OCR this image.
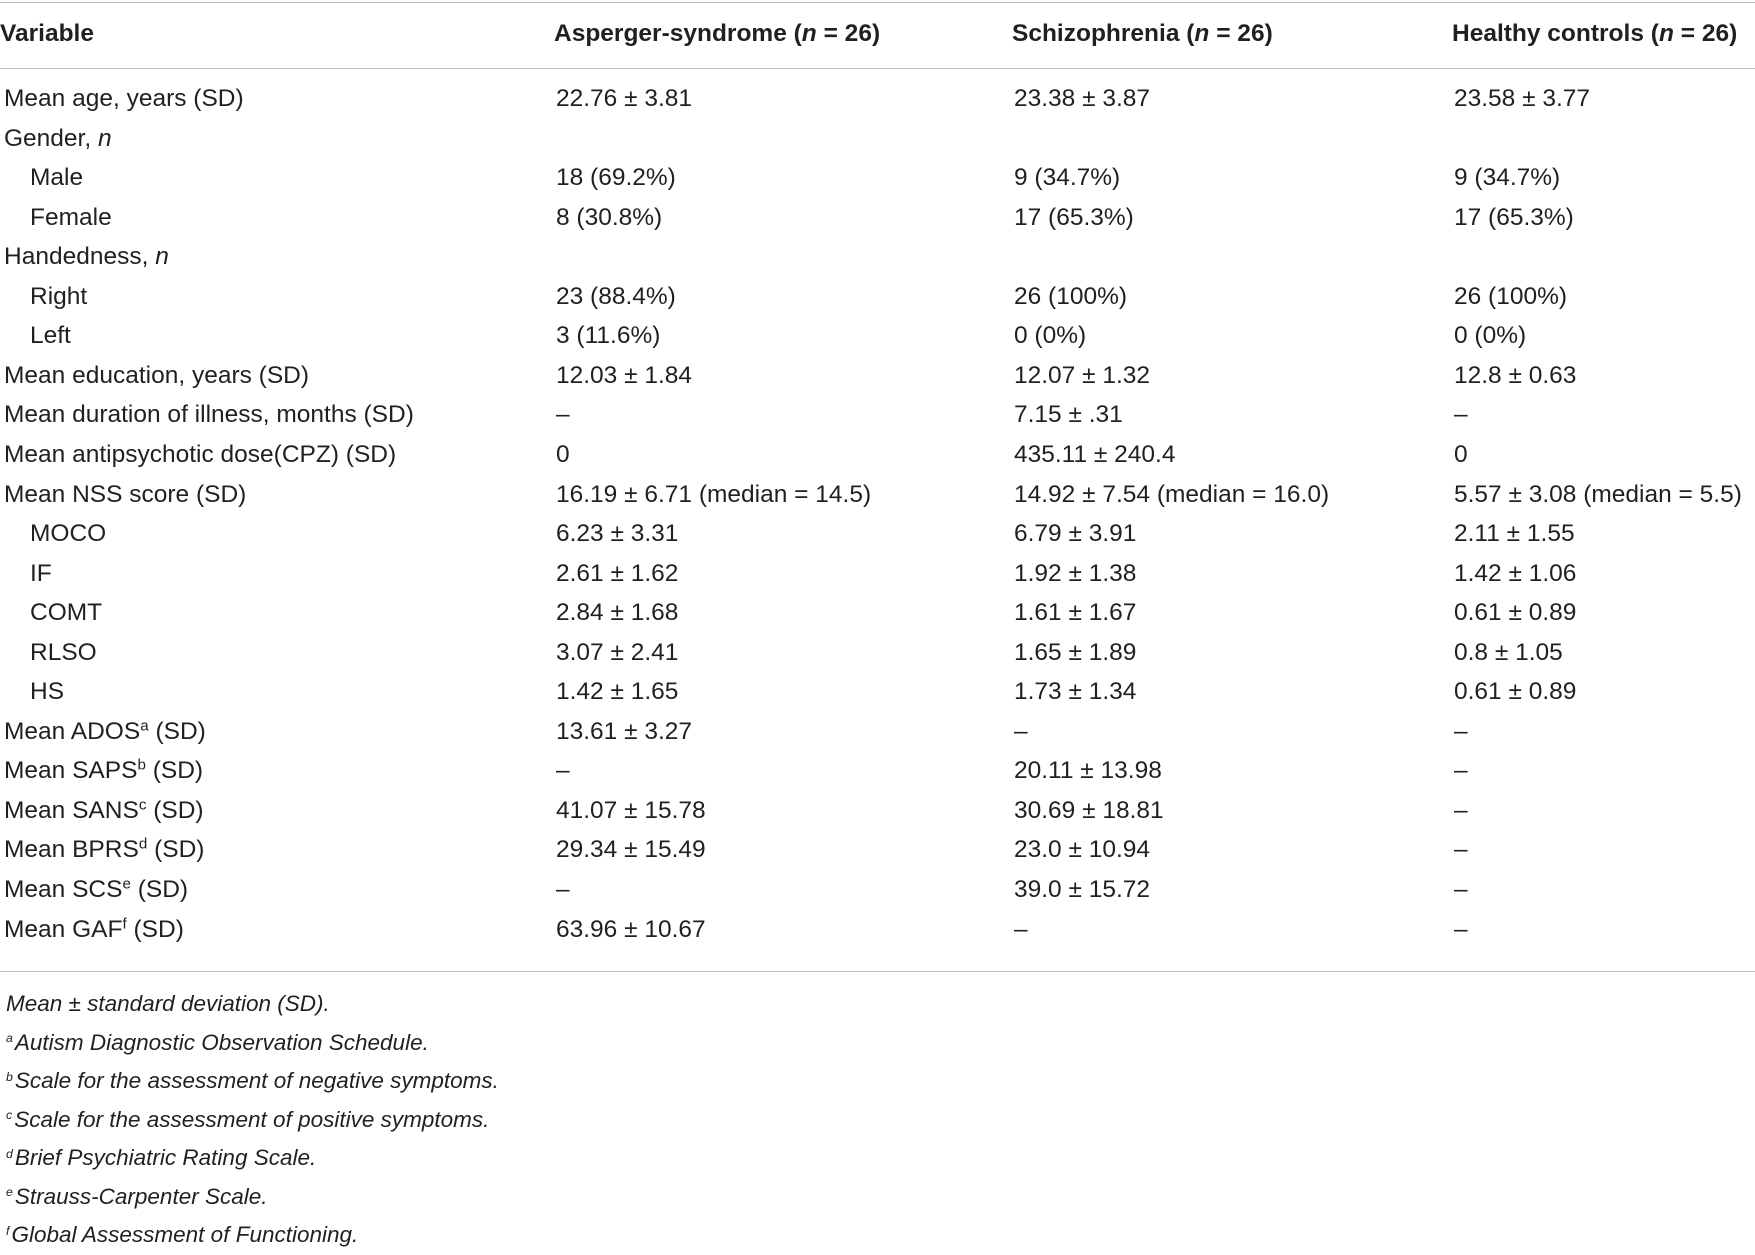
Variable	Asperger-syndrome (n = 26)	Schizophrenia (n = 26)	Healthy controls (n = 26)
Mean age, years (SD)	22.76 ± 3.81	23.38 ± 3.87	23.58 ± 3.77
Gender, n
Male	18 (69.2%)	9 (34.7%)	9 (34.7%)
Female	8 (30.8%)	17 (65.3%)	17 (65.3%)
Handedness, n
Right	23 (88.4%)	26 (100%)	26 (100%)
Left	3 (11.6%)	0 (0%)	0 (0%)
Mean education, years (SD)	12.03 ± 1.84	12.07 ± 1.32	12.8 ± 0.63
Mean duration of illness, months (SD)	–	7.15 ± .31	–
Mean antipsychotic dose(CPZ) (SD)	0	435.11 ± 240.4	0
Mean NSS score (SD)	16.19 ± 6.71 (median = 14.5)	14.92 ± 7.54 (median = 16.0)	5.57 ± 3.08 (median = 5.5)
MOCO	6.23 ± 3.31	6.79 ± 3.91	2.11 ± 1.55
IF	2.61 ± 1.62	1.92 ± 1.38	1.42 ± 1.06
COMT	2.84 ± 1.68	1.61 ± 1.67	0.61 ± 0.89
RLSO	3.07 ± 2.41	1.65 ± 1.89	0.8 ± 1.05
HS	1.42 ± 1.65	1.73 ± 1.34	0.61 ± 0.89
Mean ADOS$^a$ (SD)	13.61 ± 3.27	–	–
Mean SAPS$^b$ (SD)	–	20.11 ± 13.98	–
Mean SANS$^c$ (SD)	41.07 ± 15.78	30.69 ± 18.81	–
Mean BPRS$^d$ (SD)	29.34 ± 15.49	23.0 ± 10.94	–
Mean SCS$^e$ (SD)	–	39.0 ± 15.72	–
Mean GAF$^f$ (SD)	63.96 ± 10.67	–	–
Mean ± standard deviation (SD).
$^a$Autism Diagnostic Observation Schedule.
$^b$Scale for the assessment of negative symptoms.
$^c$Scale for the assessment of positive symptoms.
$^d$Brief Psychiatric Rating Scale.
$^e$Strauss-Carpenter Scale.
$^f$Global Assessment of Functioning.
